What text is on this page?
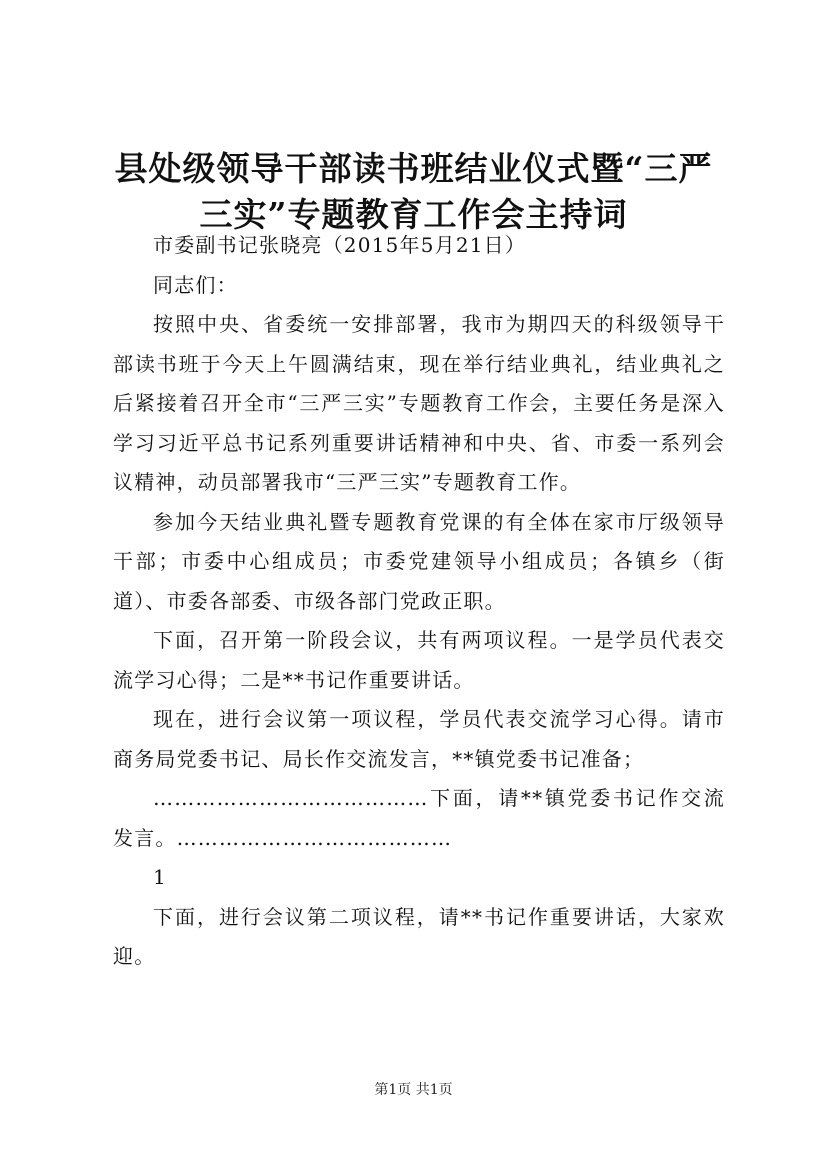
县处级领导干部读书班结业仪式暨“三严三实”专题教育工作会主持词

市委副书记张晓亮（2015年5月21日）

同志们：

按照中央、省委统一安排部署，我市为期四天的科级领导干部读书班于今天上午圆满结束，现在举行结业典礼，结业典礼之后紧接着召开全市“三严三实”专题教育工作会，主要任务是深入学习习近平总书记系列重要讲话精神和中央、省、市委一系列会议精神，动员部署我市“三严三实”专题教育工作。

参加今天结业典礼暨专题教育党课的有全体在家市厅级领导干部；市委中心组成员；市委党建领导小组成员；各镇乡（街道）、市委各部委、市级各部门党政正职。

下面，召开第一阶段会议，共有两项议程。一是学员代表交流学习心得；二是**书记作重要讲话。

现在，进行会议第一项议程，学员代表交流学习心得。请市商务局党委书记、局长作交流发言，**镇党委书记准备；

…………………………………下面，请**镇党委书记作交流发言。…………………………………

1

下面，进行会议第二项议程，请**书记作重要讲话，大家欢迎。

第1页 共1页
